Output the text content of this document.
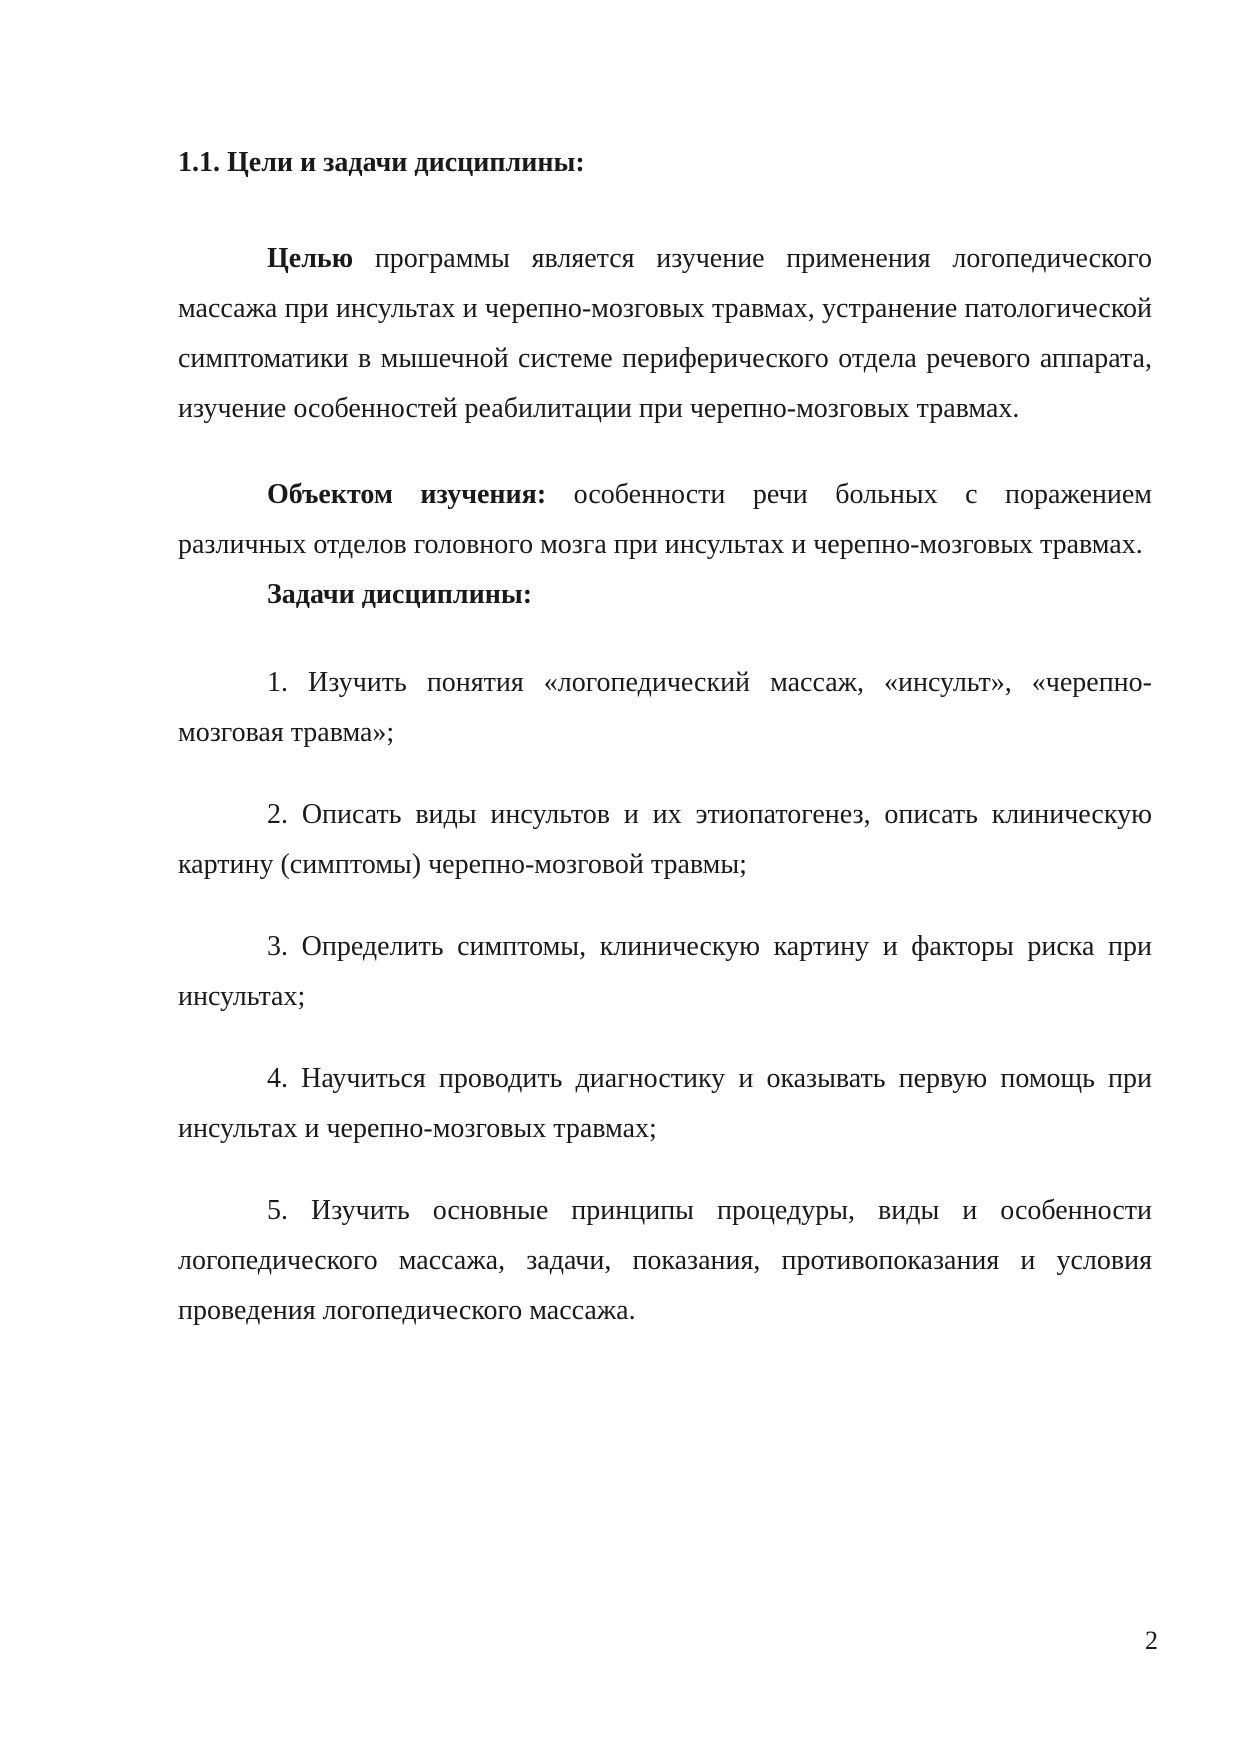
1.1. Цели и задачи дисциплины:

Целью программы является изучение применения логопедического массажа при инсультах и черепно-мозговых травмах, устранение патологической симптоматики в мышечной системе периферического отдела речевого аппарата, изучение особенностей реабилитации при черепно-мозговых травмах.

Объектом изучения: особенности речи больных с поражением различных отделов головного мозга при инсультах и черепно-мозговых травмах.

Задачи дисциплины:

1. Изучить понятия «логопедический массаж, «инсульт», «черепно-мозговая травма»;

2. Описать виды инсультов и их этиопатогенез, описать клиническую картину (симптомы) черепно-мозговой травмы;

3. Определить симптомы, клиническую картину и факторы риска при инсультах;

4. Научиться проводить диагностику и оказывать первую помощь при инсультах и черепно-мозговых травмах;

5. Изучить основные принципы процедуры, виды и особенности логопедического массажа, задачи, показания, противопоказания и условия проведения логопедического массажа.

2
